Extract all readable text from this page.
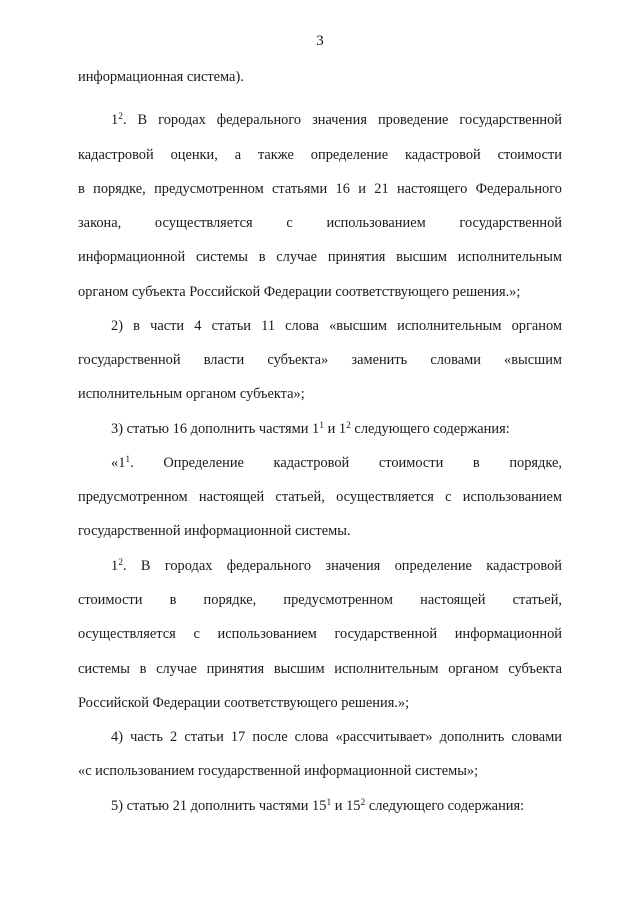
3
информационная система).
$1^2$. В городах федерального значения проведение государственной
кадастровой оценки, а также определение кадастровой стоимости
в порядке, предусмотренном статьями 16 и 21 настоящего Федерального
закона, осуществляется с использованием государственной
информационной системы в случае принятия высшим исполнительным
органом субъекта Российской Федерации соответствующего решения.»;
2) в части 4 статьи 11 слова «высшим исполнительным органом
государственной власти субъекта» заменить словами «высшим
исполнительным органом субъекта»;
3) статью 16 дополнить частями $1^1$ и $1^2$ следующего содержания:
«$1^1$. Определение кадастровой стоимости в порядке,
предусмотренном настоящей статьей, осуществляется с использованием
государственной информационной системы.
$1^2$. В городах федерального значения определение кадастровой
стоимости в порядке, предусмотренном настоящей статьей,
осуществляется с использованием государственной информационной
системы в случае принятия высшим исполнительным органом субъекта
Российской Федерации соответствующего решения.»;
4) часть 2 статьи 17 после слова «рассчитывает» дополнить словами
«с использованием государственной информационной системы»;
5) статью 21 дополнить частями $15^1$ и $15^2$ следующего содержания:
